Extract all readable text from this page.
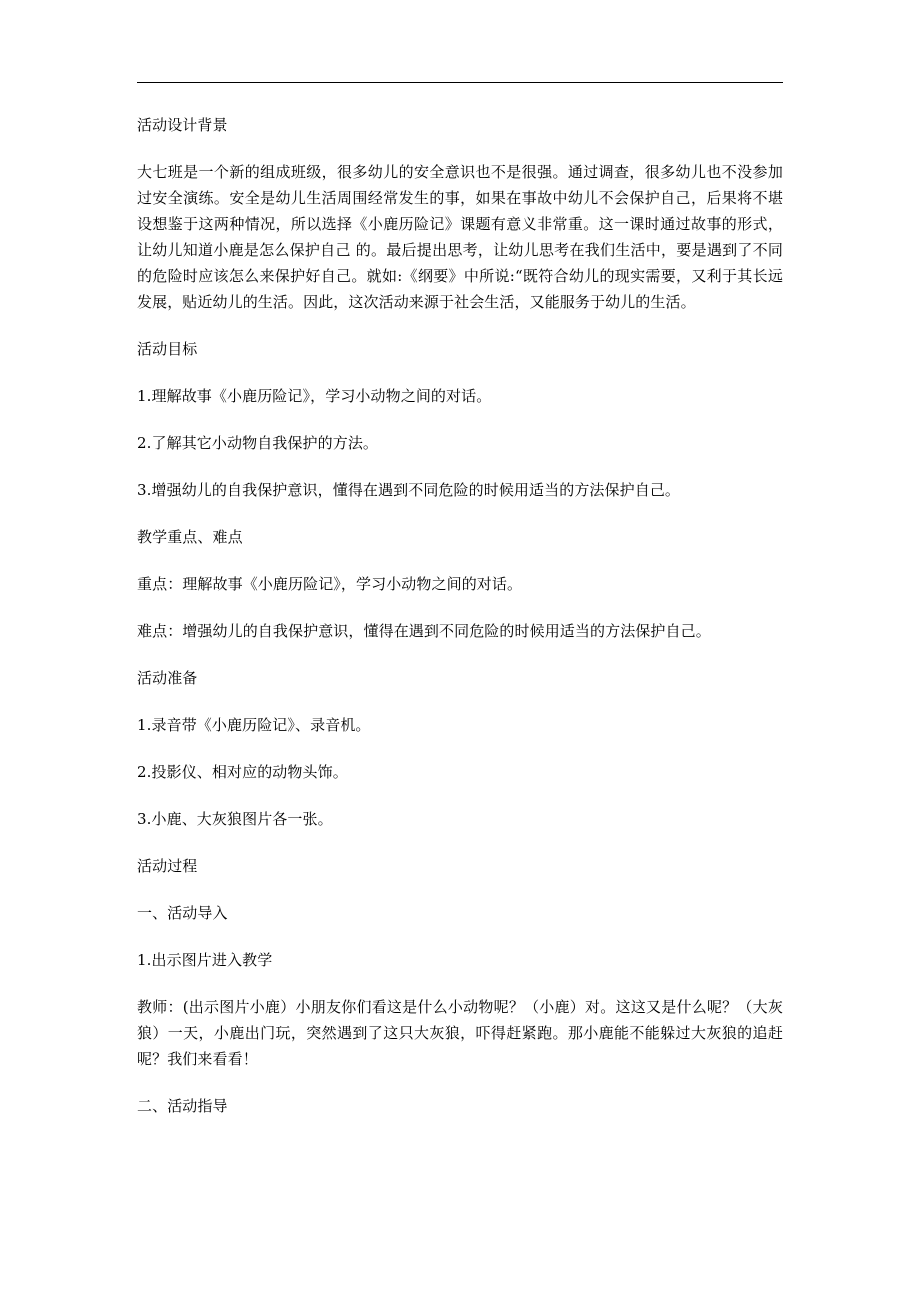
活动设计背景

大七班是一个新的组成班级，很多幼儿的安全意识也不是很强。通过调查，很多幼儿也不没参加过安全演练。安全是幼儿生活周围经常发生的事，如果在事故中幼儿不会保护自己，后果将不堪设想鉴于这两种情况，所以选择《小鹿历险记》课题有意义非常重。这一课时通过故事的形式，让幼儿知道小鹿是怎么保护自己 的。最后提出思考，让幼儿思考在我们生活中，要是遇到了不同的危险时应该怎么来保护好自己。就如:《纲要》中所说:“既符合幼儿的现实需要，又利于其长远发展，贴近幼儿的生活。因此，这次活动来源于社会生活，又能服务于幼儿的生活。

活动目标

1.理解故事《小鹿历险记》，学习小动物之间的对话。

2.了解其它小动物自我保护的方法。

3.增强幼儿的自我保护意识，懂得在遇到不同危险的时候用适当的方法保护自己。

教学重点、难点

重点：理解故事《小鹿历险记》，学习小动物之间的对话。

难点：增强幼儿的自我保护意识，懂得在遇到不同危险的时候用适当的方法保护自己。

活动准备

1.录音带《小鹿历险记》、录音机。

2.投影仪、相对应的动物头饰。

3.小鹿、大灰狼图片各一张。

活动过程

一、活动导入

1.出示图片进入教学

教师：(出示图片小鹿）小朋友你们看这是什么小动物呢？（小鹿）对。这这又是什么呢？（大灰狼）一天，小鹿出门玩，突然遇到了这只大灰狼，吓得赶紧跑。那小鹿能不能躲过大灰狼的追赶呢？我们来看看！

二、活动指导
